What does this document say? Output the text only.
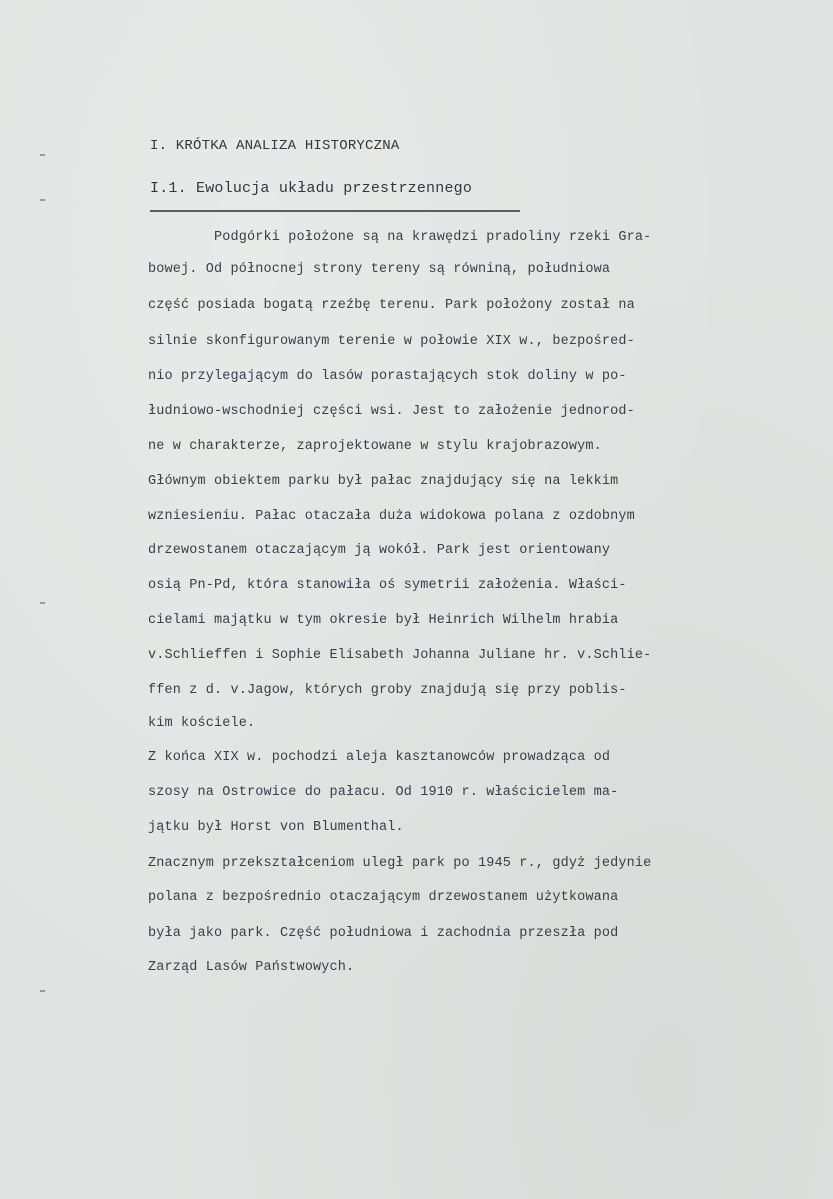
I. KRÓTKA ANALIZA HISTORYCZNA
I.1. Ewolucja układu przestrzennego
Podgórki położone są na krawędzi pradoliny rzeki Gra-
bowej. Od północnej strony tereny są równiną, południowa
część posiada bogatą rzeźbę terenu. Park położony został na
silnie skonfigurowanym terenie w połowie XIX w., bezpośred-
nio przylegającym do lasów porastających stok doliny w po-
łudniowo-wschodniej części wsi. Jest to założenie jednorod-
ne w charakterze, zaprojektowane w stylu krajobrazowym.
Głównym obiektem parku był pałac znajdujący się na lekkim
wzniesieniu. Pałac otaczała duża widokowa polana z ozdobnym
drzewostanem otaczającym ją wokół. Park jest orientowany
osią Pn-Pd, która stanowiła oś symetrii założenia. Właści-
cielami majątku w tym okresie był Heinrich Wilhelm hrabia
v.Schlieffen i Sophie Elisabeth Johanna Juliane hr. v.Schlie-
ffen z d. v.Jagow, których groby znajdują się przy poblis-
kim kościele.
Z końca XIX w. pochodzi aleja kasztanowców prowadząca od
szosy na Ostrowice do pałacu. Od 1910 r. właścicielem ma-
jątku był Horst von Blumenthal.
Znacznym przekształceniom uległ park po 1945 r., gdyż jedynie
polana z bezpośrednio otaczającym drzewostanem użytkowana
była jako park. Część południowa i zachodnia przeszła pod
Zarząd Lasów Państwowych.
